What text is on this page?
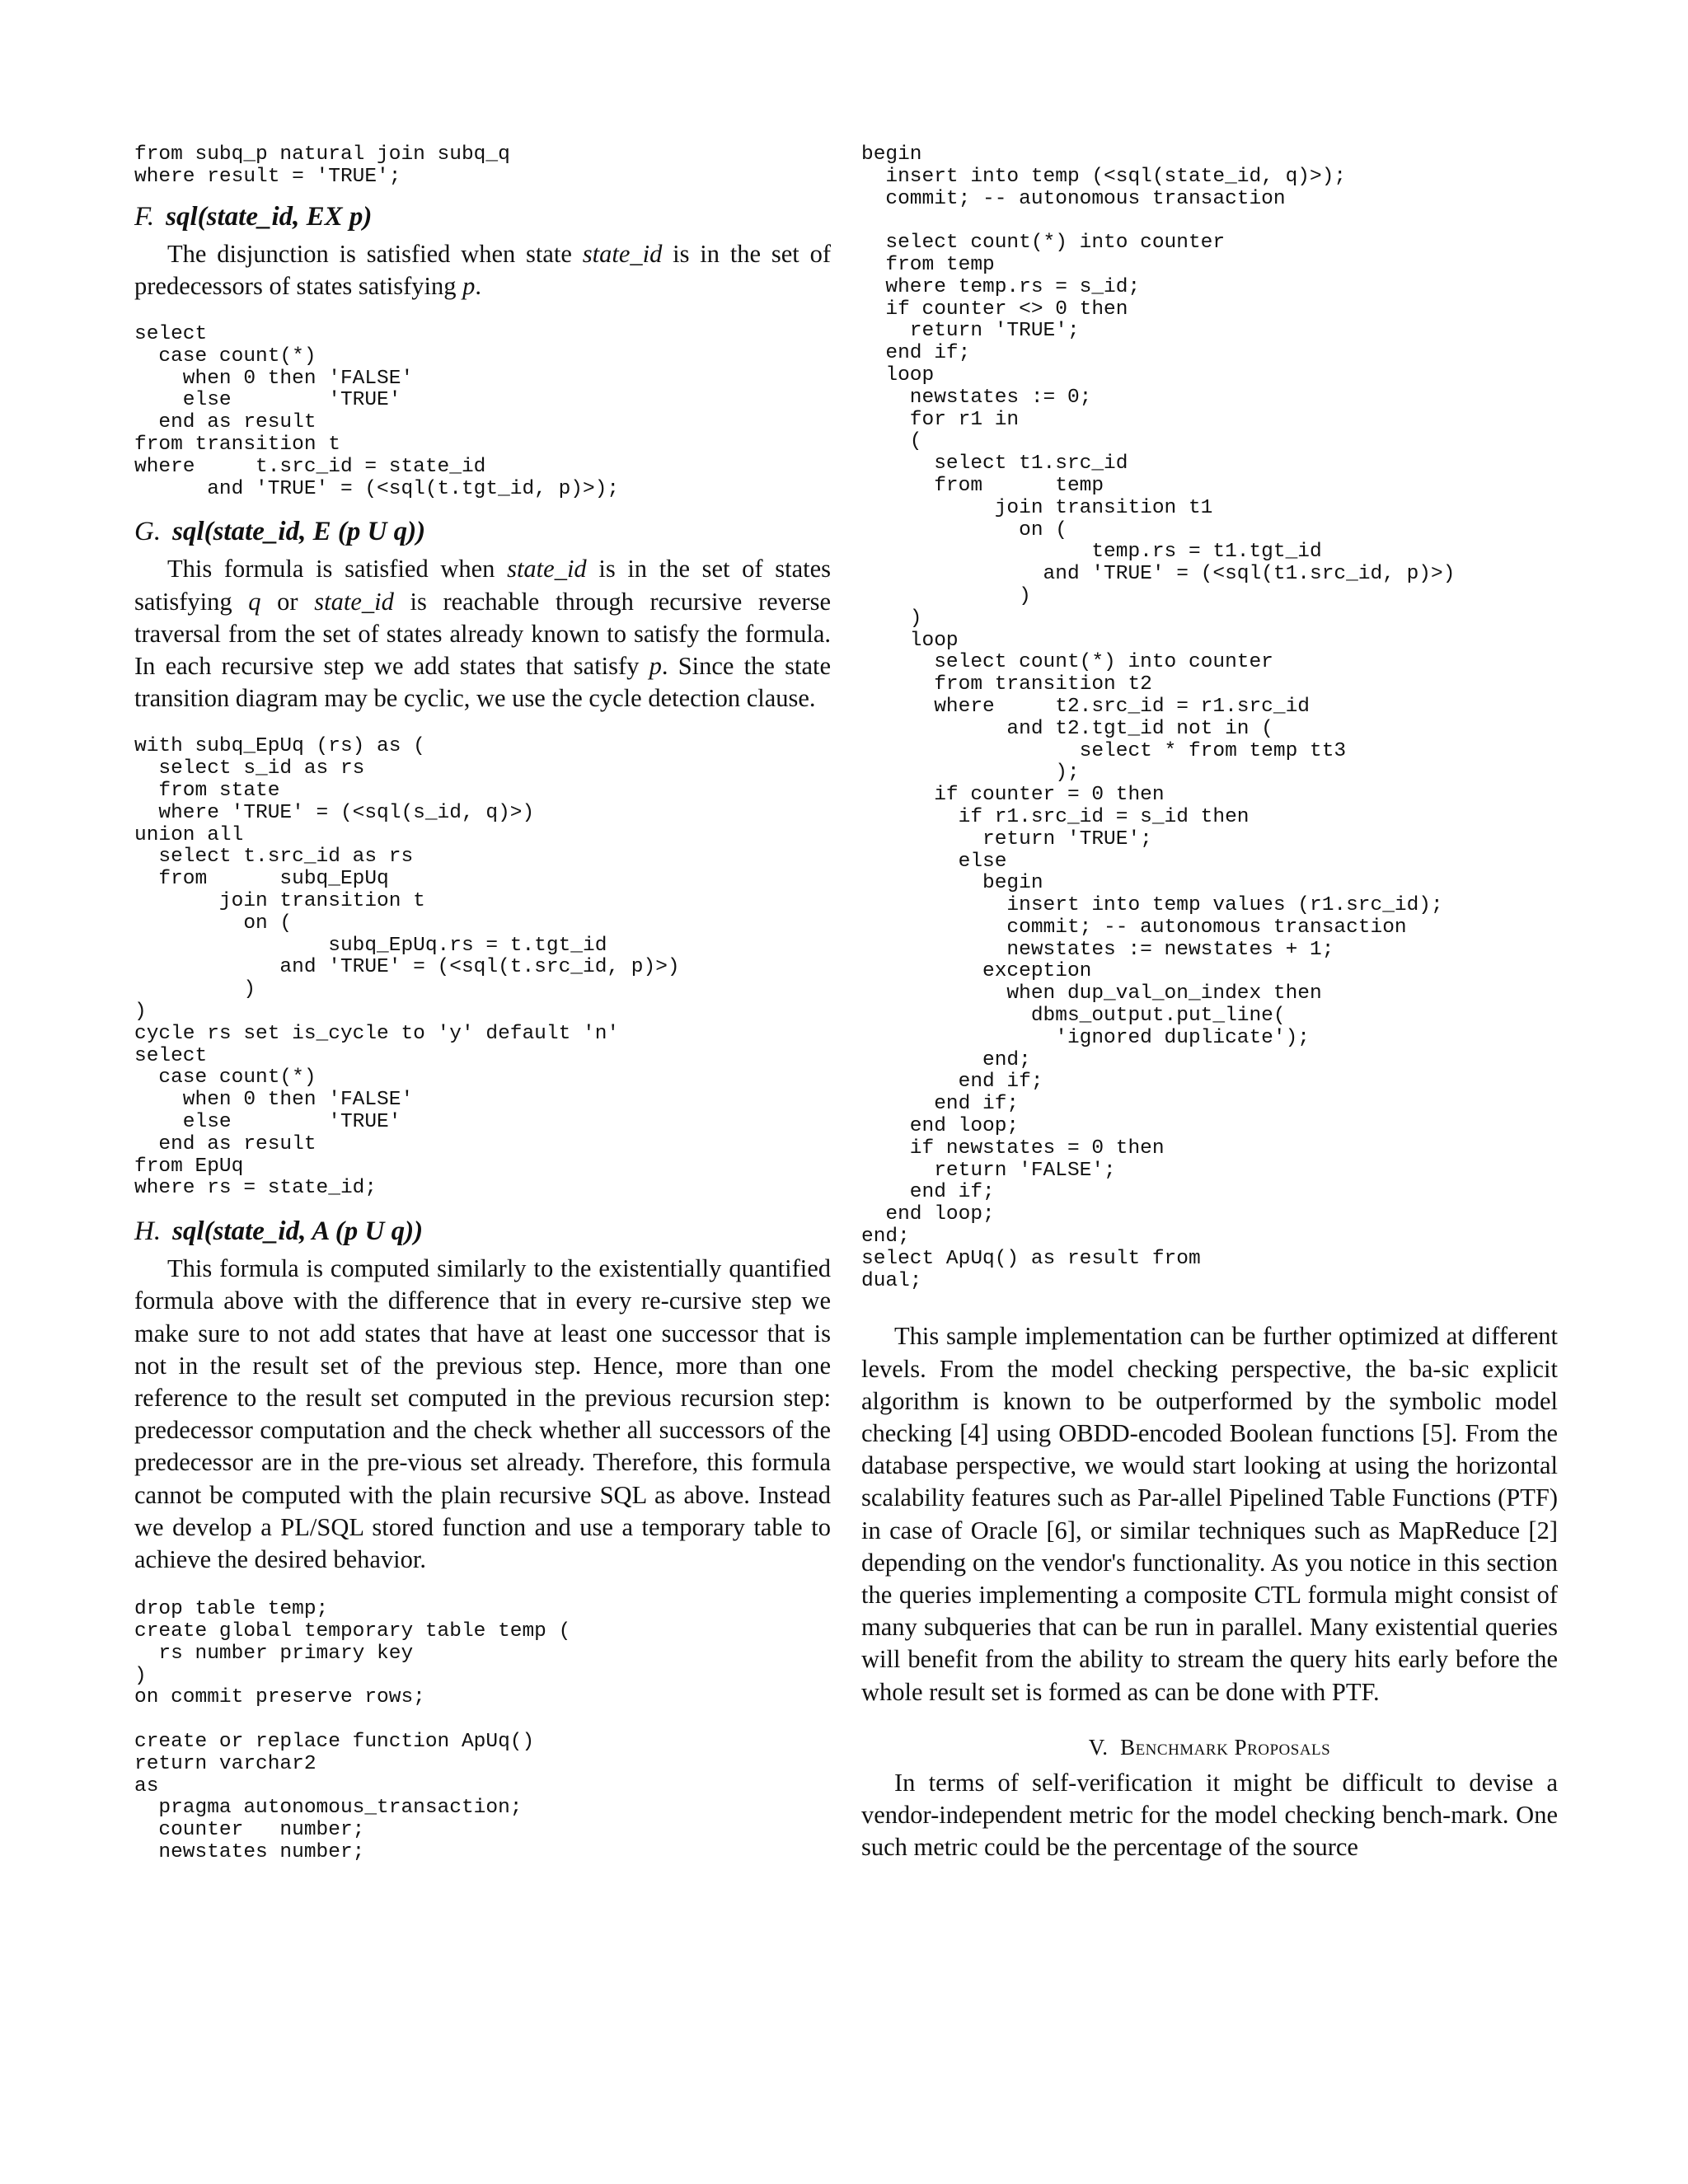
from subq_p natural join subq_q
where result = 'TRUE';
F. sql(state_id, EX p)

The disjunction is satisfied when state state_id is in the set of predecessors of states satisfying p.

select
case count(*)
when 0 then 'FALSE'
else        'TRUE'
end as result
from transition t
where     t.src_id = state_id
and 'TRUE' = (<sql(t.tgt_id, p)>);
G. sql(state_id, E (p U q))

This formula is satisfied when state_id is in the set of states satisfying q or state_id is reachable through recursive reverse traversal from the set of states already known to satisfy the formula. In each recursive step we add states that satisfy p. Since the state transition diagram may be cyclic, we use the cycle detection clause.

with subq_EpUq (rs) as (
select s_id as rs
from state
where 'TRUE' = (<sql(s_id, q)>)
union all
select t.src_id as rs
from      subq_EpUq
join transition t
on (
subq_EpUq.rs = t.tgt_id
and 'TRUE' = (<sql(t.src_id, p)>)
)
)
cycle rs set is_cycle to 'y' default 'n'
select
case count(*)
when 0 then 'FALSE'
else        'TRUE'
end as result
from EpUq
where rs = state_id;
H. sql(state_id, A (p U q))

This formula is computed similarly to the existentially quantified formula above with the difference that in every re-cursive step we make sure to not add states that have at least one successor that is not in the result set of the previous step. Hence, more than one reference to the result set computed in the previous recursion step: predecessor computation and the check whether all successors of the predecessor are in the pre-vious set already. Therefore, this formula cannot be computed with the plain recursive SQL as above. Instead we develop a PL/SQL stored function and use a temporary table to achieve the desired behavior.

drop table temp;
create global temporary table temp (
rs number primary key
)
on commit preserve rows;

create or replace function ApUq()
return varchar2
as
pragma autonomous_transaction;
counter   number;
newstates number;
begin
insert into temp (<sql(state_id, q)>);
commit; -- autonomous transaction

select count(*) into counter
from temp
where temp.rs = s_id;
if counter <> 0 then
return 'TRUE';
end if;
loop
newstates := 0;
for r1 in
(
select t1.src_id
from      temp
join transition t1
on (
temp.rs = t1.tgt_id
and 'TRUE' = (<sql(t1.src_id, p)>)
)
)
loop
select count(*) into counter
from transition t2
where     t2.src_id = r1.src_id
and t2.tgt_id not in (
select * from temp tt3
);
if counter = 0 then
if r1.src_id = s_id then
return 'TRUE';
else
begin
insert into temp values (r1.src_id);
commit; -- autonomous transaction
newstates := newstates + 1;
exception
when dup_val_on_index then
dbms_output.put_line(
'ignored duplicate');
end;
end if;
end if;
end loop;
if newstates = 0 then
return 'FALSE';
end if;
end loop;
end;
select ApUq() as result from
dual;

This sample implementation can be further optimized at different levels. From the model checking perspective, the ba-sic explicit algorithm is known to be outperformed by the symbolic model checking [4] using OBDD-encoded Boolean functions [5]. From the database perspective, we would start looking at using the horizontal scalability features such as Par-allel Pipelined Table Functions (PTF) in case of Oracle [6], or similar techniques such as MapReduce [2] depending on the vendor's functionality. As you notice in this section the queries implementing a composite CTL formula might consist of many subqueries that can be run in parallel. Many existential queries will benefit from the ability to stream the query hits early before the whole result set is formed as can be done with PTF.

V. Benchmark Proposals

In terms of self-verification it might be difficult to devise a vendor-independent metric for the model checking bench-mark. One such metric could be the percentage of the source
